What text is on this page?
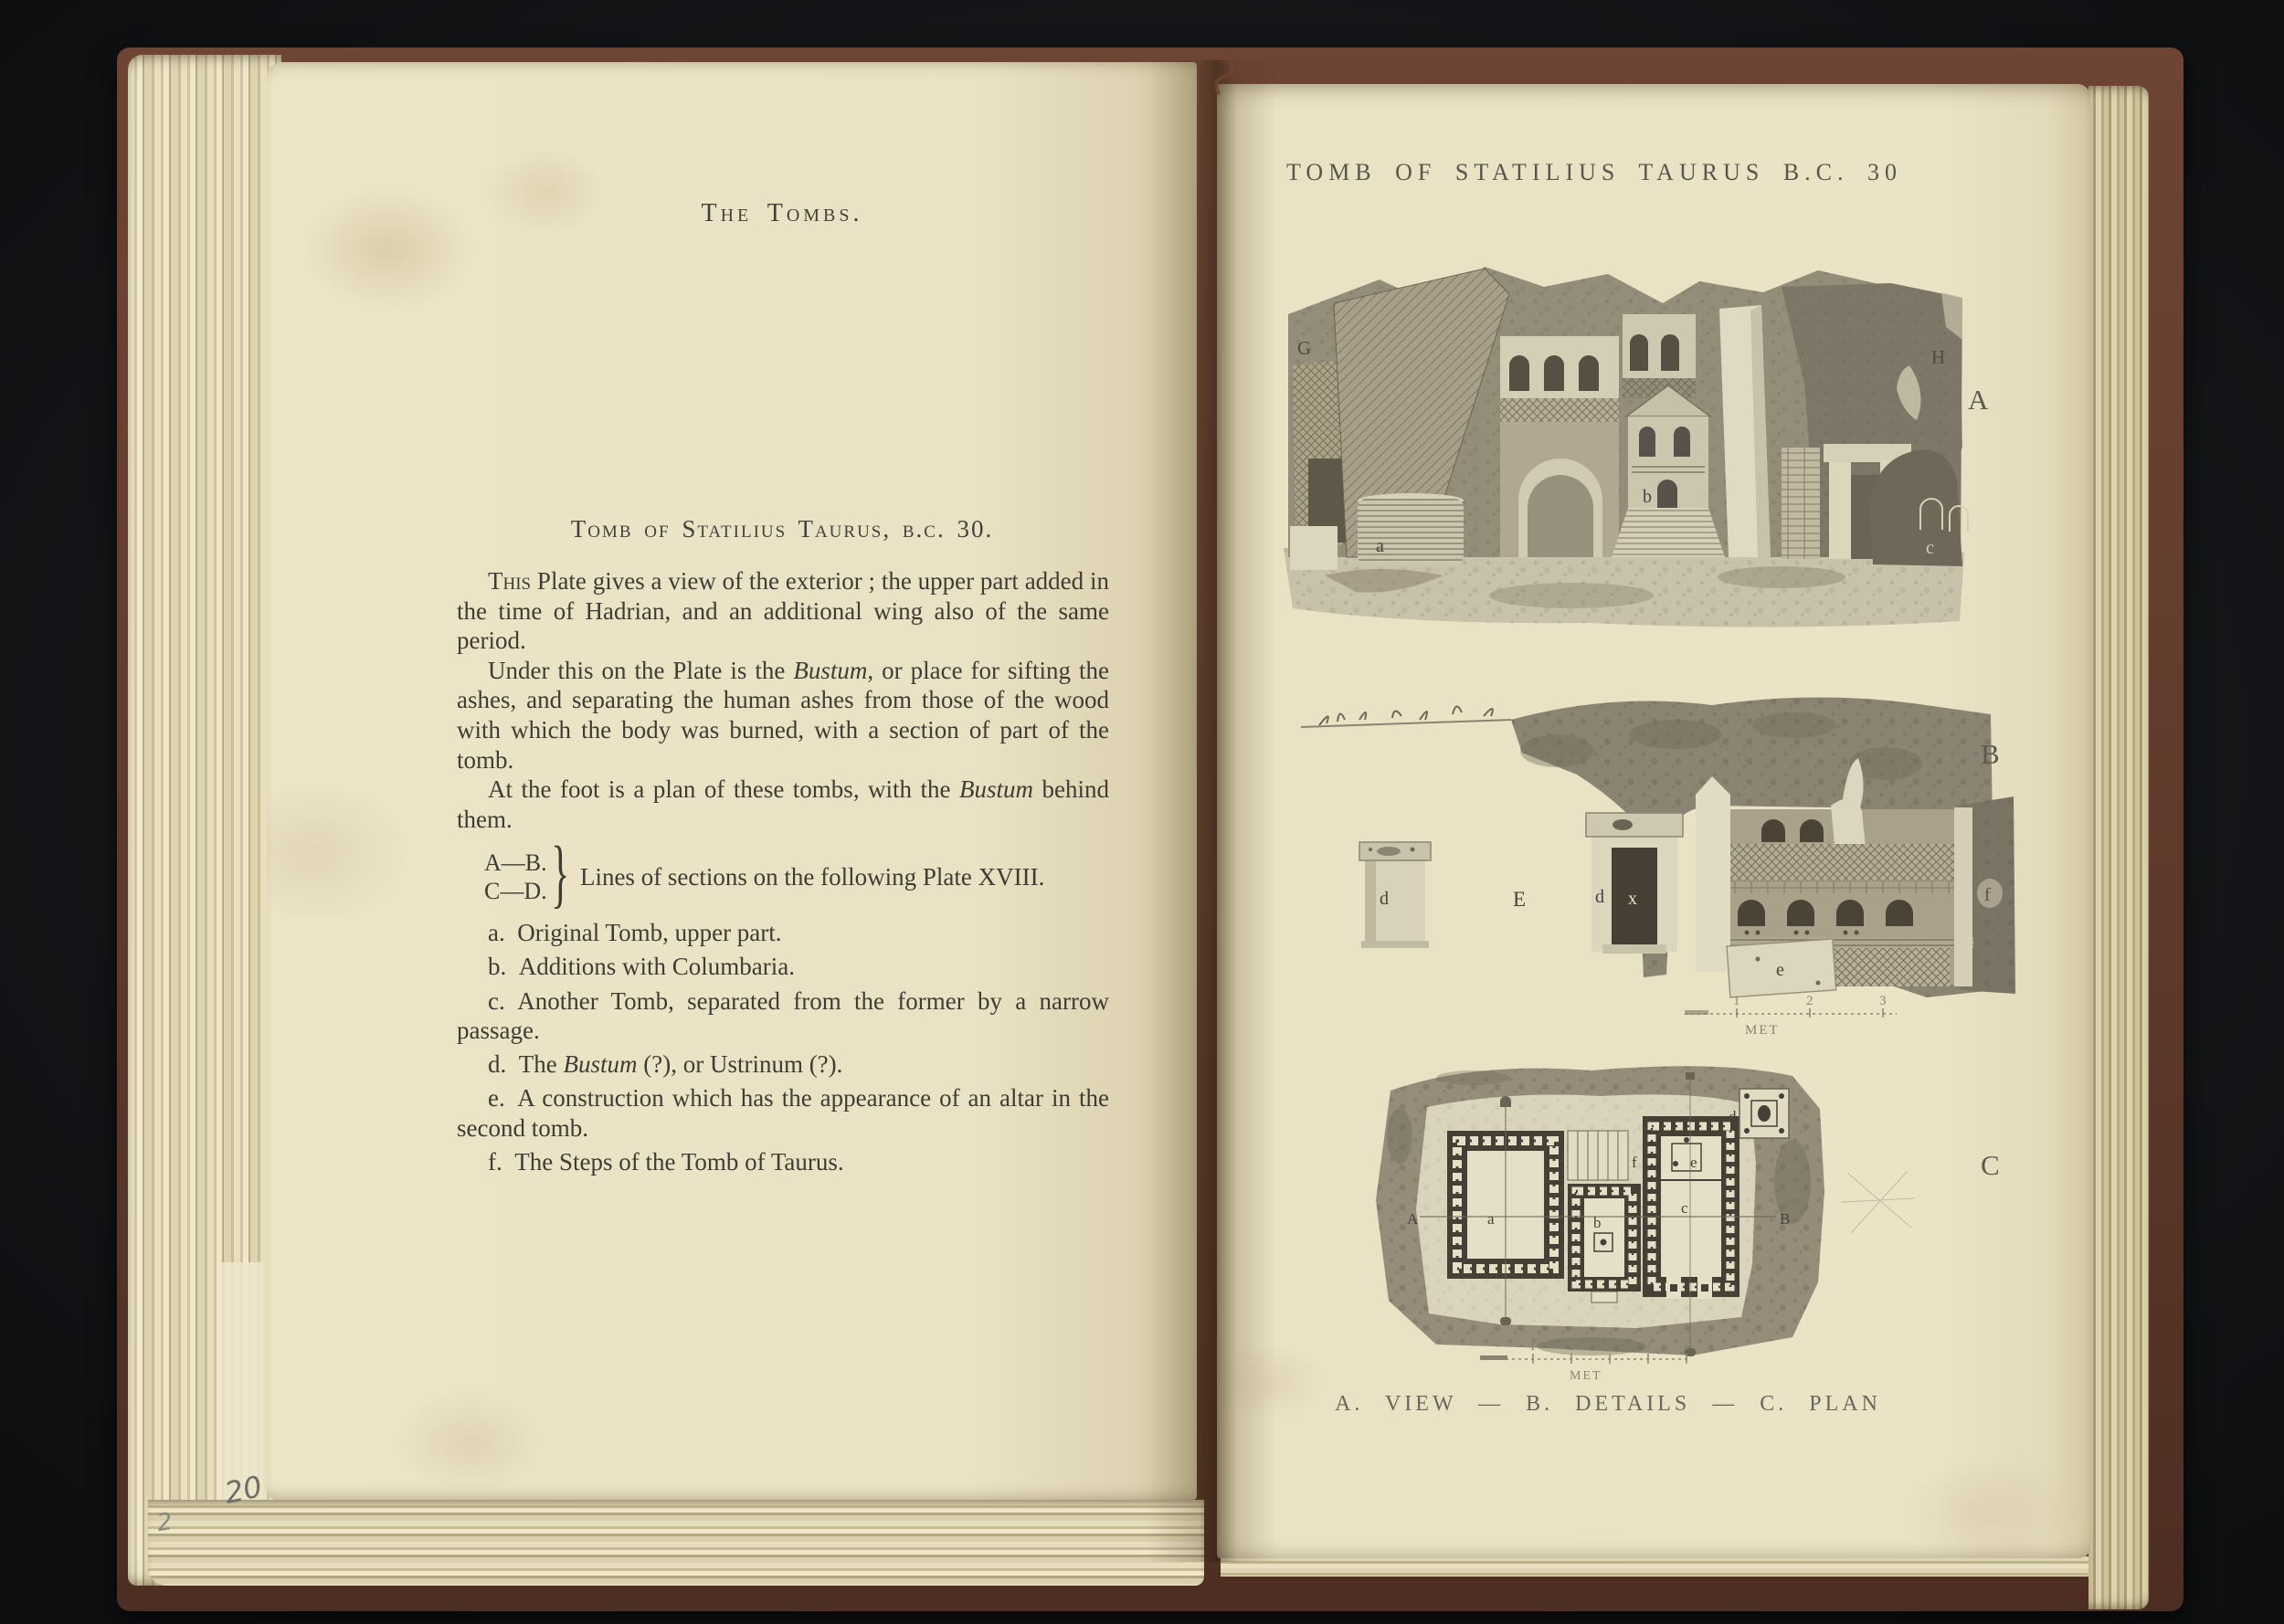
The Tombs.
Tomb of Statilius Taurus, b.c. 30.

This Plate gives a view of the exterior ; the upper part added in the time of Hadrian, and an additional wing also of the same period.

Under this on the Plate is the Bustum, or place for sifting the ashes, and separating the human ashes from those of the wood with which the body was burned, with a section of part of the tomb.

At the foot is a plan of these tombs, with the Bustum behind them.

A—B.
C—D. } Lines of sections on the following Plate XVIII.

a. Original Tomb, upper part.

b. Additions with Columbaria.

c. Another Tomb, separated from the former by a narrow passage.

d. The Bustum (?), or Ustrinum (?).

e. A construction which has the appearance of an altar in the second tomb.

f. The Steps of the Tomb of Taurus.

20
2
TOMB OF STATILIUS TAURUS B.C. 30
G	H
a
b
c
A
1	2	3
MET
d	E	d x
e
f
B
1	2	3	4	5
MET
a	b
c
d
e
f
A	B
C
A. VIEW — B. DETAILS — C. PLAN
